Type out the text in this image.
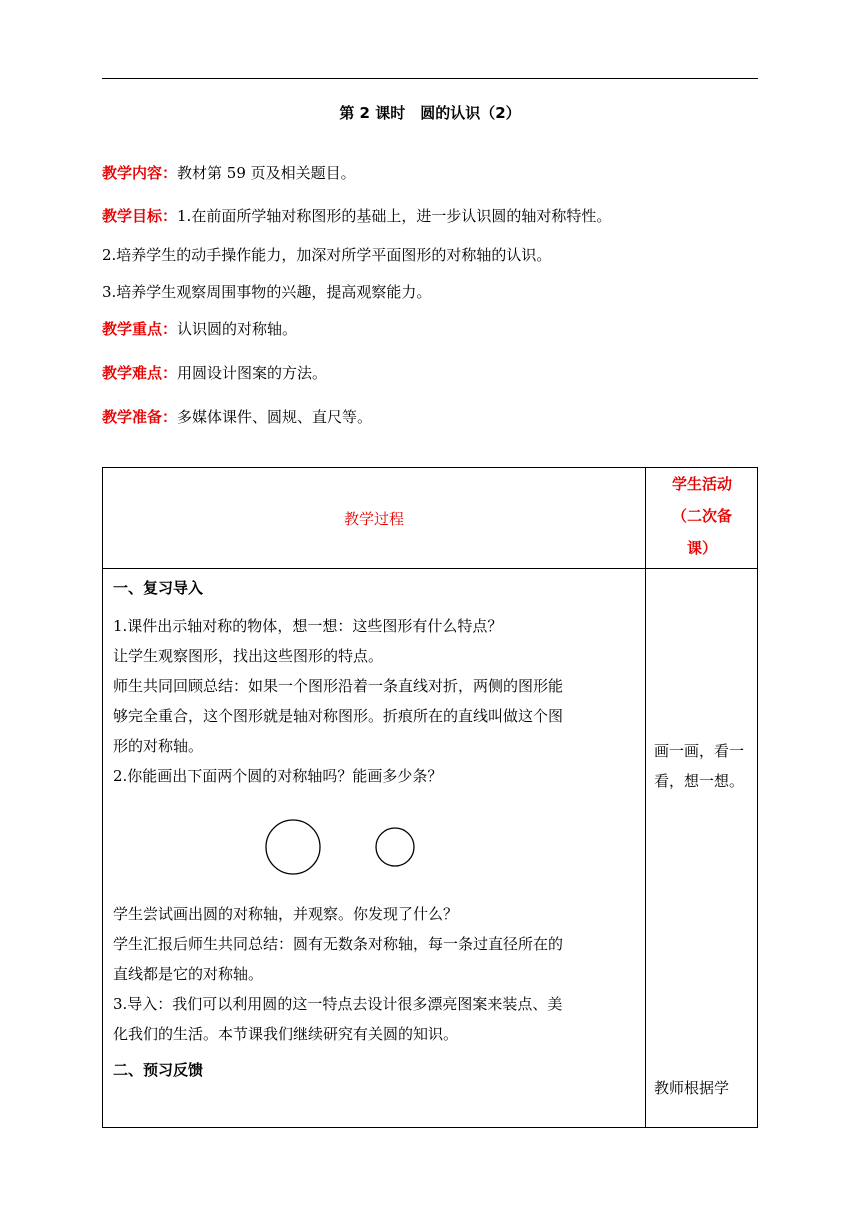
第 2 课时　圆的认识（2）
教学内容：教材第 59 页及相关题目。
教学目标：1.在前面所学轴对称图形的基础上，进一步认识圆的轴对称特性。
2.培养学生的动手操作能力，加深对所学平面图形的对称轴的认识。
3.培养学生观察周围事物的兴趣，提高观察能力。
教学重点：认识圆的对称轴。
教学难点：用圆设计图案的方法。
教学准备：多媒体课件、圆规、直尺等。
教学过程
学生活动
（二次备
课）

一、复习导入

1.课件出示轴对称的物体，想一想：这些图形有什么特点？

让学生观察图形，找出这些图形的特点。

师生共同回顾总结：如果一个图形沿着一条直线对折，两侧的图形能

够完全重合，这个图形就是轴对称图形。折痕所在的直线叫做这个图

形的对称轴。

2.你能画出下面两个圆的对称轴吗？能画多少条？

学生尝试画出圆的对称轴，并观察。你发现了什么？

学生汇报后师生共同总结：圆有无数条对称轴，每一条过直径所在的

直线都是它的对称轴。

3.导入：我们可以利用圆的这一特点去设计很多漂亮图案来装点、美

化我们的生活。本节课我们继续研究有关圆的知识。

二、预习反馈

画一画，看一
看，想一想。
教师根据学
